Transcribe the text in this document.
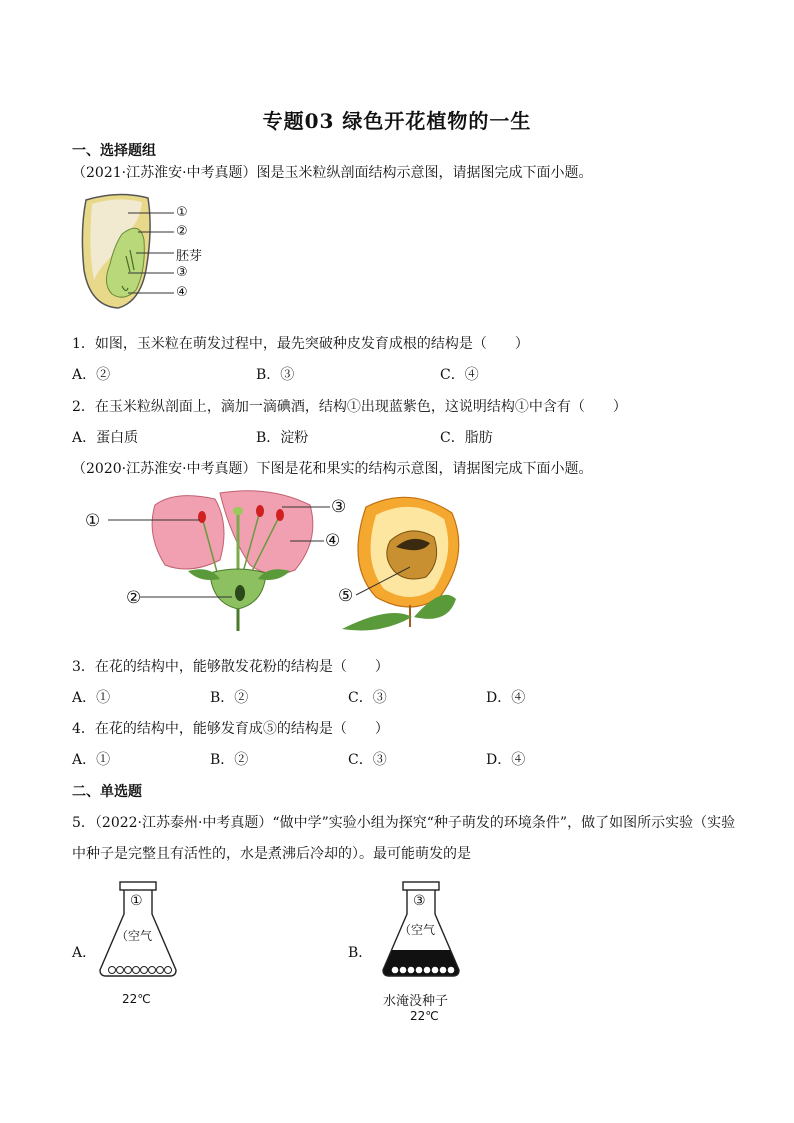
专题03 绿色开花植物的一生
一、选择题组
（2021·江苏淮安·中考真题）图是玉米粒纵剖面结构示意图，请据图完成下面小题。
①
②
胚芽
③
④
1．如图，玉米粒在萌发过程中，最先突破种皮发育成根的结构是（　　）
A．②	B．③	C．④
2．在玉米粒纵剖面上，滴加一滴碘酒，结构①出现蓝紫色，这说明结构①中含有（　　）
A．蛋白质	B．淀粉	C．脂肪
（2020·江苏淮安·中考真题）下图是花和果实的结构示意图，请据图完成下面小题。
①
②
③
④
⑤
3．在花的结构中，能够散发花粉的结构是（　　）
A．①	B．②	C．③	D．④
4．在花的结构中，能够发育成⑤的结构是（　　）
A．①	B．②	C．③	D．④
二、单选题
5．（2022·江苏泰州·中考真题）“做中学”实验小组为探究“种子萌发的环境条件”，做了如图所示实验（实验
中种子是完整且有活性的，水是煮沸后冷却的）。最可能萌发的是
A．
①
（空气
22℃
B．
③
（空气
水淹没种子
22℃
